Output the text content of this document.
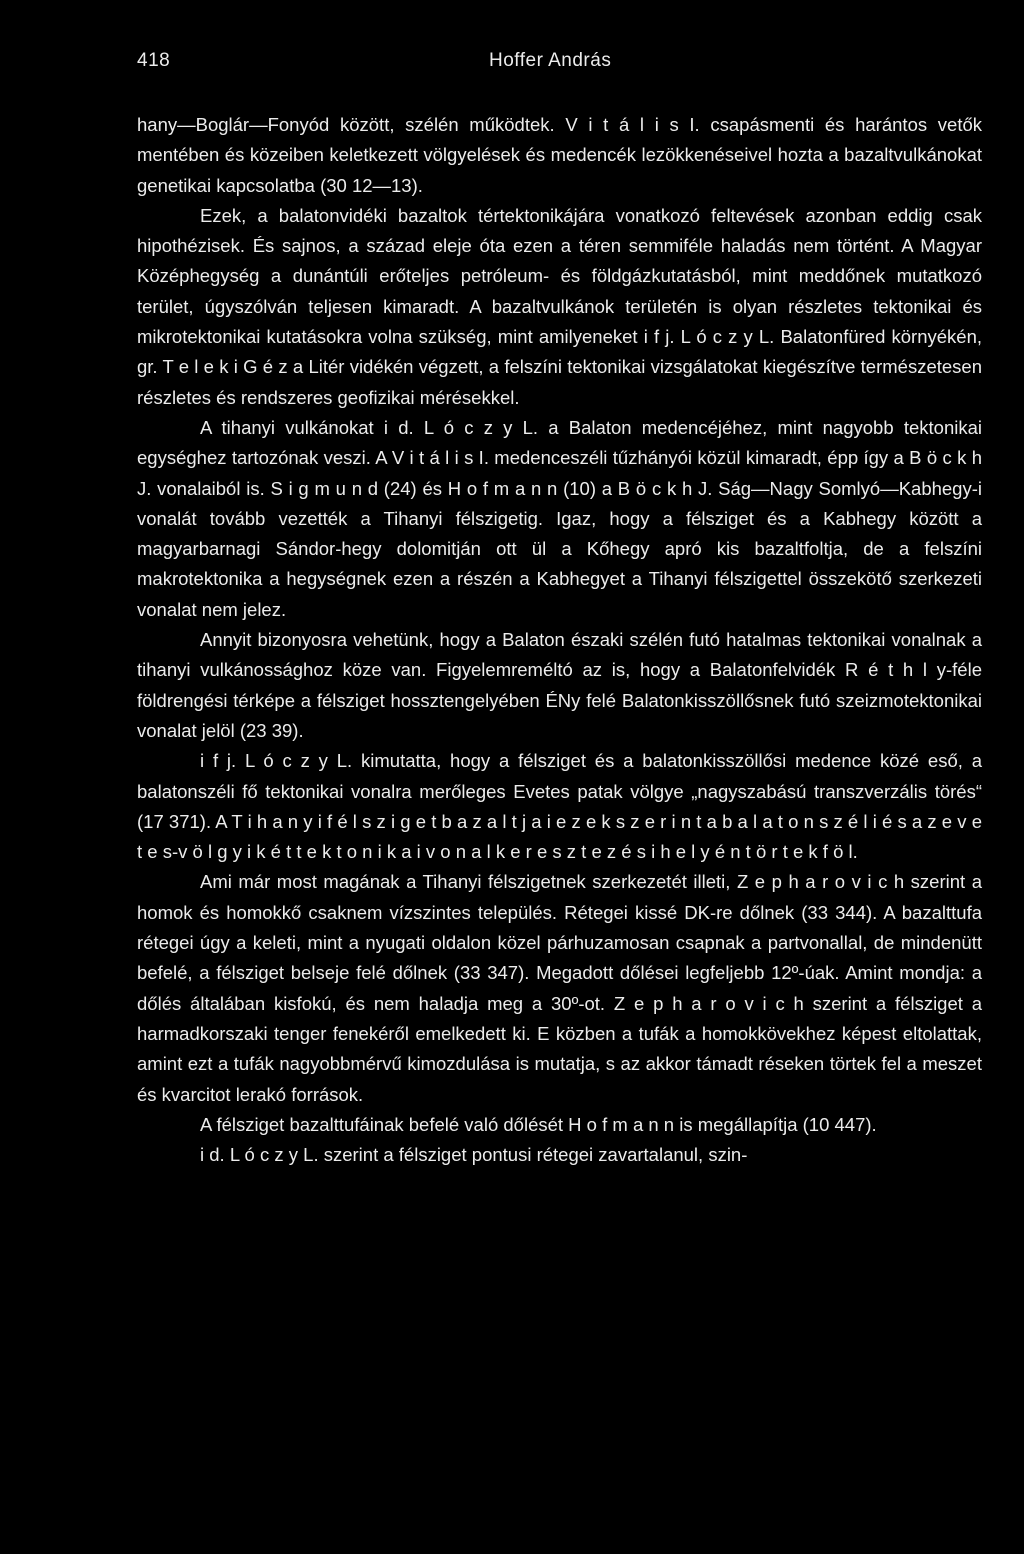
418	Hoffer András

hany—Boglár—Fonyód között, szélén működtek. V i t á l i s I. csapásmenti és harántos vetők mentében és közeiben keletkezett völgyelések és medencék lezökkenéseivel hozta a bazaltvulkánokat genetikai kapcsolatba (30 12—13).

Ezek, a balatonvidéki bazaltok tértektonikájára vonatkozó feltevések azonban eddig csak hipothézisek. És sajnos, a század eleje óta ezen a téren semmiféle haladás nem történt. A Magyar Középhegység a dunántúli erőteljes petróleum- és földgázkutatásból, mint meddőnek mutatkozó terület, úgyszólván teljesen kimaradt. A bazaltvulkánok területén is olyan részletes tektonikai és mikrotektonikai kutatásokra volna szükség, mint amilyeneket i f j. L ó c z y L. Balatonfüred környékén, gr. T e l e k i G é z a Litér vidékén végzett, a felszíni tektonikai vizsgálatokat kiegészítve természetesen részletes és rendszeres geofizikai mérésekkel.

A tihanyi vulkánokat i d. L ó c z y L. a Balaton medencéjéhez, mint nagyobb tektonikai egységhez tartozónak veszi. A V i t á l i s I. medenceszéli tűzhányói közül kimaradt, épp így a B ö c k h J. vonalaiból is. S i g m u n d (24) és H o f m a n n (10) a B ö c k h J. Ság—Nagy Somlyó—Kabhegy-i vonalát tovább vezették a Tihanyi félszigetig. Igaz, hogy a félsziget és a Kabhegy között a magyarbarnagi Sándor-hegy dolomitján ott ül a Kőhegy apró kis bazaltfoltja, de a felszíni makrotektonika a hegységnek ezen a részén a Kabhegyet a Tihanyi félszigettel összekötő szerkezeti vonalat nem jelez.

Annyit bizonyosra vehetünk, hogy a Balaton északi szélén futó hatalmas tektonikai vonalnak a tihanyi vulkánossághoz köze van. Figyelemreméltó az is, hogy a Balatonfelvidék R é t h l y-féle földrengési térképe a félsziget hossztengelyében ÉNy felé Balatonkisszöllősnek futó szeizmotektonikai vonalat jelöl (23 39).

i f j. L ó c z y L. kimutatta, hogy a félsziget és a balatonkisszöllősi medence közé eső, a balatonszéli fő tektonikai vonalra merőleges Evetes patak völgye „nagyszabású transzverzális törés“ (17 371). A T i h a n y i f é l s z i g e t b a z a l t j a i e z e k s z e r i n t a b a l a t o n s z é l i é s a z e v e t e s-v ö l g y i k é t t e k t o n i k a i v o n a l k e r e s z t e z é s i h e l y é n t ö r t e k f ö l.

Ami már most magának a Tihanyi félszigetnek szerkezetét illeti, Z e p h a r o v i c h szerint a homok és homokkő csaknem vízszintes település. Rétegei kissé DK-re dőlnek (33 344). A bazalttufa rétegei úgy a keleti, mint a nyugati oldalon közel párhuzamosan csapnak a partvonallal, de mindenütt befelé, a félsziget belseje felé dőlnek (33 347). Megadott dőlései legfeljebb 12º-úak. Amint mondja: a dőlés általában kisfokú, és nem haladja meg a 30º-ot. Z e p h a r o v i c h szerint a félsziget a harmadkorszaki tenger fenekéről emelkedett ki. E közben a tufák a homokkövekhez képest eltolattak, amint ezt a tufák nagyobbmérvű kimozdulása is mutatja, s az akkor támadt réseken törtek fel a meszet és kvarcitot lerakó források.

A félsziget bazalttufáinak befelé való dőlését H o f m a n n is megállapítja (10 447).

i d. L ó c z y L. szerint a félsziget pontusi rétegei zavartalanul, szin-
